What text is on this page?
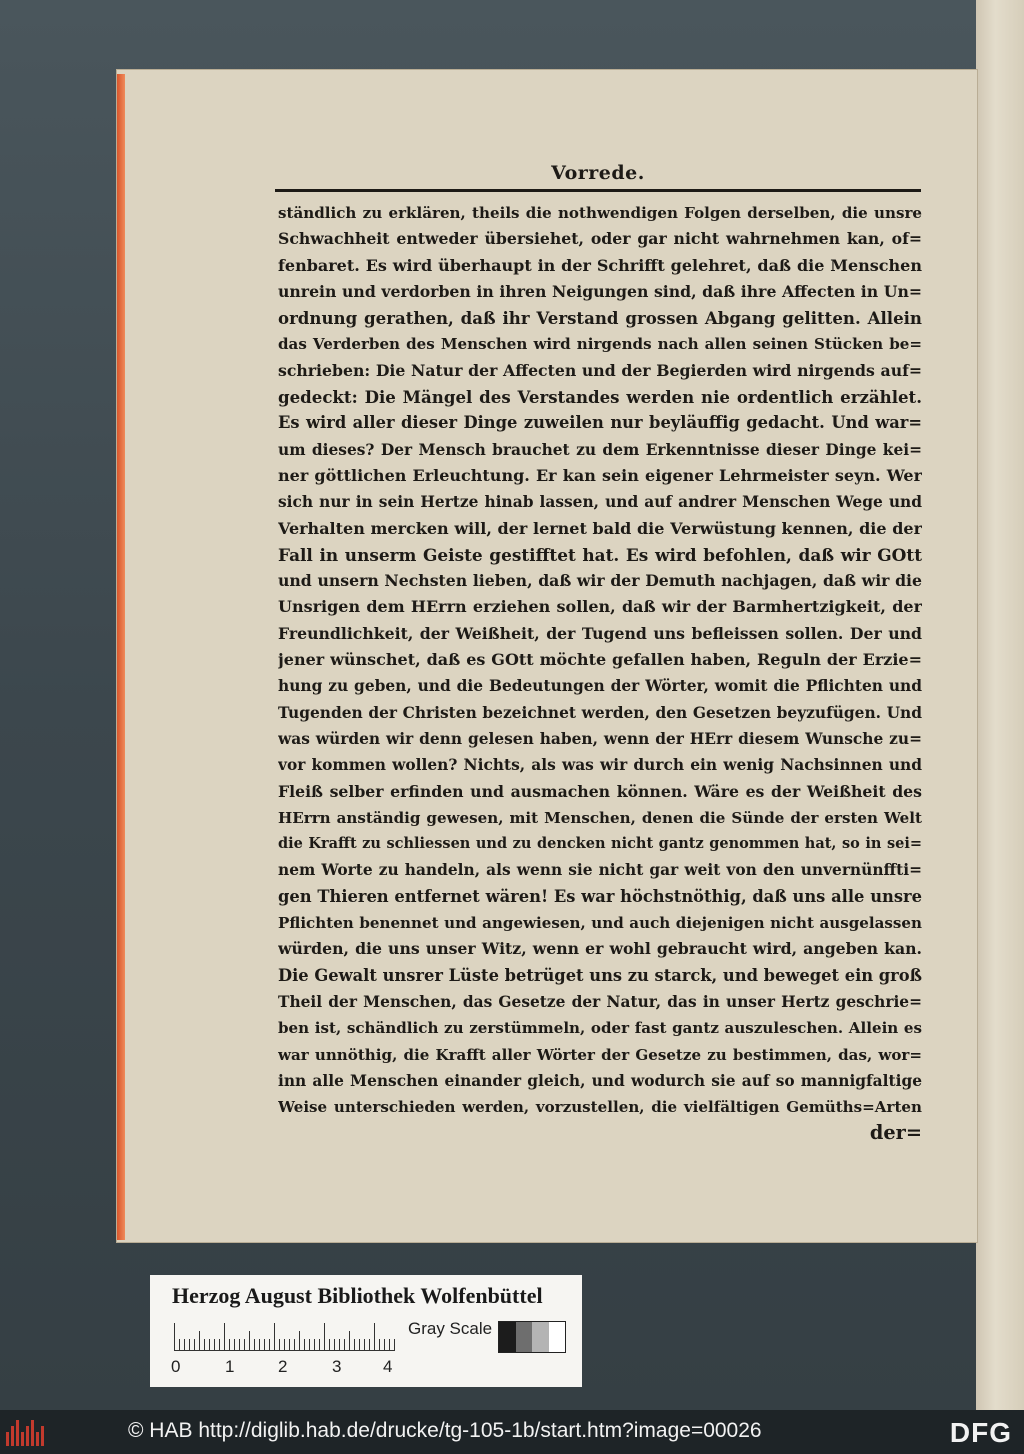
Vorrede.
ständlich zu erklären, theils die nothwendigen Folgen derselben, die unsre
Schwachheit entweder übersiehet, oder gar nicht wahrnehmen kan, of=
fenbaret. Es wird überhaupt in der Schrifft gelehret, daß die Menschen
unrein und verdorben in ihren Neigungen sind, daß ihre Affecten in Un=
ordnung gerathen, daß ihr Verstand grossen Abgang gelitten. Allein
das Verderben des Menschen wird nirgends nach allen seinen Stücken be=
schrieben: Die Natur der Affecten und der Begierden wird nirgends auf=
gedeckt: Die Mängel des Verstandes werden nie ordentlich erzählet.
Es wird aller dieser Dinge zuweilen nur beyläuffig gedacht. Und war=
um dieses? Der Mensch brauchet zu dem Erkenntnisse dieser Dinge kei=
ner göttlichen Erleuchtung. Er kan sein eigener Lehrmeister seyn. Wer
sich nur in sein Hertze hinab lassen, und auf andrer Menschen Wege und
Verhalten mercken will, der lernet bald die Verwüstung kennen, die der
Fall in unserm Geiste gestifftet hat. Es wird befohlen, daß wir GOtt
und unsern Nechsten lieben, daß wir der Demuth nachjagen, daß wir die
Unsrigen dem HErrn erziehen sollen, daß wir der Barmhertzigkeit, der
Freundlichkeit, der Weißheit, der Tugend uns befleissen sollen. Der und
jener wünschet, daß es GOtt möchte gefallen haben, Reguln der Erzie=
hung zu geben, und die Bedeutungen der Wörter, womit die Pflichten und
Tugenden der Christen bezeichnet werden, den Gesetzen beyzufügen. Und
was würden wir denn gelesen haben, wenn der HErr diesem Wunsche zu=
vor kommen wollen? Nichts, als was wir durch ein wenig Nachsinnen und
Fleiß selber erfinden und ausmachen können. Wäre es der Weißheit des
HErrn anständig gewesen, mit Menschen, denen die Sünde der ersten Welt
die Krafft zu schliessen und zu dencken nicht gantz genommen hat, so in sei=
nem Worte zu handeln, als wenn sie nicht gar weit von den unvernünffti=
gen Thieren entfernet wären! Es war höchstnöthig, daß uns alle unsre
Pflichten benennet und angewiesen, und auch diejenigen nicht ausgelassen
würden, die uns unser Witz, wenn er wohl gebraucht wird, angeben kan.
Die Gewalt unsrer Lüste betrüget uns zu starck, und beweget ein groß
Theil der Menschen, das Gesetze der Natur, das in unser Hertz geschrie=
ben ist, schändlich zu zerstümmeln, oder fast gantz auszuleschen. Allein es
war unnöthig, die Krafft aller Wörter der Gesetze zu bestimmen, das, wor=
inn alle Menschen einander gleich, und wodurch sie auf so mannigfaltige
Weise unterschieden werden, vorzustellen, die vielfältigen Gemüths=Arten
der=
Herzog August Bibliothek Wolfenbüttel
0	1	2	3 4
Gray Scale
© HAB http://diglib.hab.de/drucke/tg-105-1b/start.htm?image=00026	DFG
